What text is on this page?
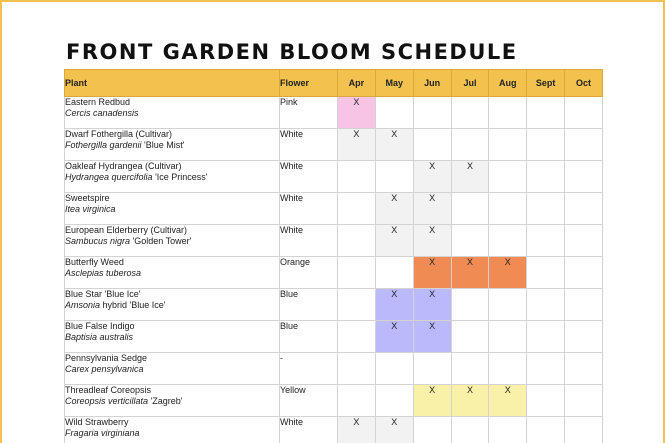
FRONT GARDEN BLOOM SCHEDULE
Plant	Flower	Apr	May	Jun	Jul	Aug	Sept	Oct

Eastern Redbud
Cercis canadensis	Pink	X						

Dwarf Fothergilla (Cultivar)
Fothergilla gardenii 'Blue Mist'	White	X	X					

Oakleaf Hydrangea (Cultivar)
Hydrangea quercifolia 'Ice Princess'	White			X	X			

Sweetspire
Itea virginica	White		X	X				

European Elderberry (Cultivar)
Sambucus nigra 'Golden Tower'	White		X	X				

Butterfly Weed
Asclepias tuberosa	Orange			X	X	X		

Blue Star 'Blue Ice'
Amsonia hybrid 'Blue Ice'	Blue		X	X				

Blue False Indigo
Baptisia australis	Blue		X	X				

Pennsylvania Sedge
Carex pensylvanica	-							

Threadleaf Coreopsis
Coreopsis verticillata 'Zagreb'	Yellow			X	X	X		

Wild Strawberry
Fragaria virginiana	White	X	X					
